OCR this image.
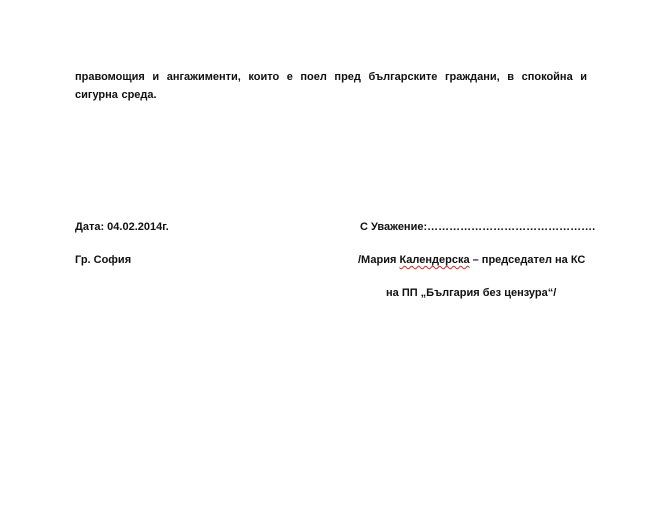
правомощия и ангажименти, които е поел пред българските граждани, в спокойна и сигурна среда.
Дата: 04.02.2014г.
Гр. София
С Уважение:……………………………………….
/Мария Календерска – председател на КС
на ПП „България без цензура“/
